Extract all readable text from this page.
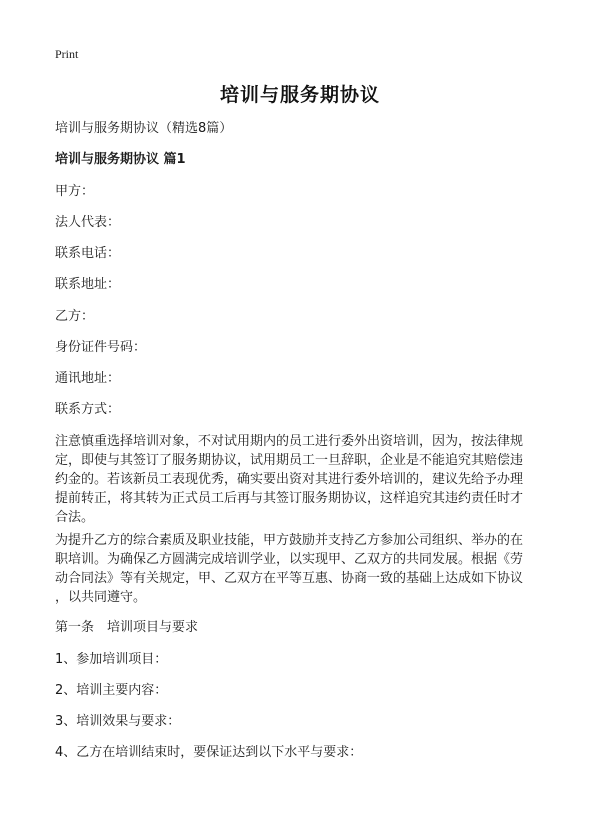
Print
培训与服务期协议
培训与服务期协议（精选8篇）
培训与服务期协议 篇1
甲方：
法人代表：
联系电话：
联系地址：
乙方：
身份证件号码：
通讯地址：
联系方式：
注意慎重选择培训对象，不对试用期内的员工进行委外出资培训，因为，按法律规
定，即使与其签订了服务期协议，试用期员工一旦辞职，企业是不能追究其赔偿违
约金的。若该新员工表现优秀，确实要出资对其进行委外培训的，建议先给予办理
提前转正，将其转为正式员工后再与其签订服务期协议，这样追究其违约责任时才
合法。
为提升乙方的综合素质及职业技能，甲方鼓励并支持乙方参加公司组织、举办的在
职培训。为确保乙方圆满完成培训学业，以实现甲、乙双方的共同发展。根据《劳
动合同法》等有关规定，甲、乙双方在平等互惠、协商一致的基础上达成如下协议
，以共同遵守。
第一条　培训项目与要求
1、参加培训项目：
2、培训主要内容：
3、培训效果与要求：
4、乙方在培训结束时，要保证达到以下水平与要求：
